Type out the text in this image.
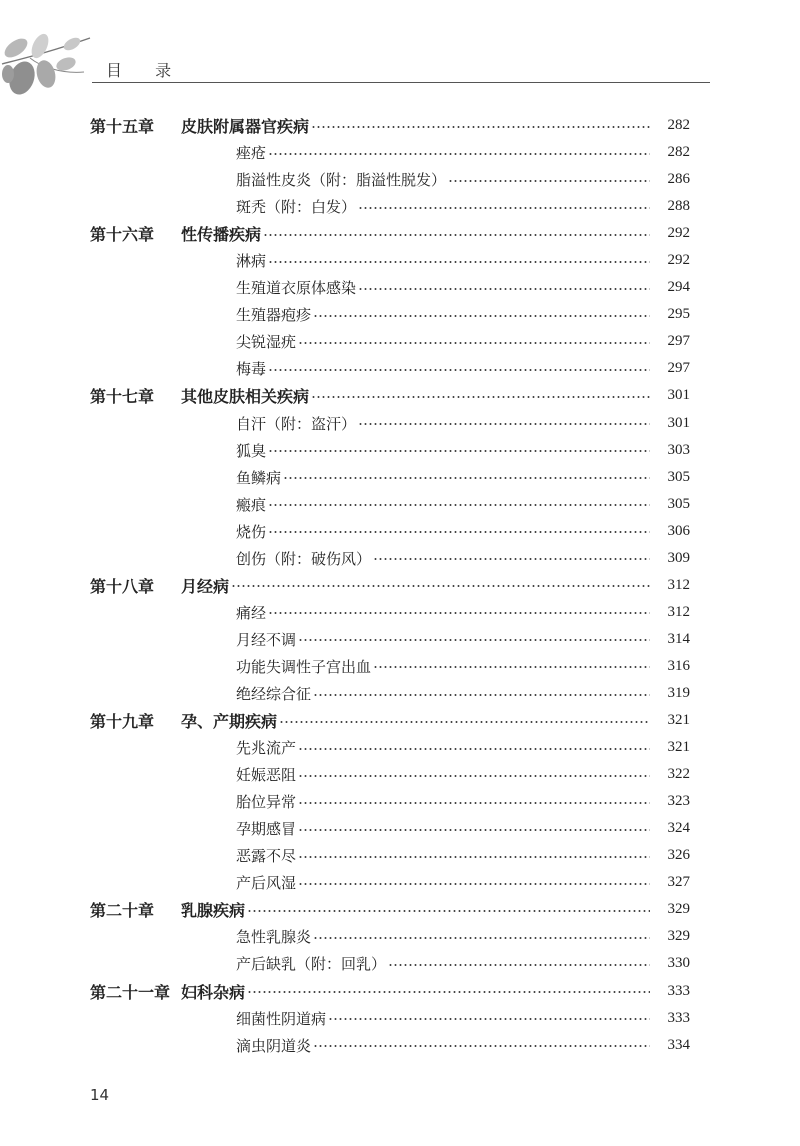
目 录
第十五章	皮肤附属器官疾病	282
痤疮	282
脂溢性皮炎（附：脂溢性脱发）	286
斑秃（附：白发）	288
第十六章	性传播疾病	292
淋病	292
生殖道衣原体感染	294
生殖器疱疹	295
尖锐湿疣	297
梅毒	297
第十七章	其他皮肤相关疾病	301
自汗（附：盗汗）	301
狐臭	303
鱼鳞病	305
瘢痕	305
烧伤	306
创伤（附：破伤风）	309
第十八章	月经病	312
痛经	312
月经不调	314
功能失调性子宫出血	316
绝经综合征	319
第十九章	孕、产期疾病	321
先兆流产	321
妊娠恶阻	322
胎位异常	323
孕期感冒	324
恶露不尽	326
产后风湿	327
第二十章	乳腺疾病	329
急性乳腺炎	329
产后缺乳（附：回乳）	330
第二十一章 妇科杂病	333
细菌性阴道病	333
滴虫阴道炎	334
14
